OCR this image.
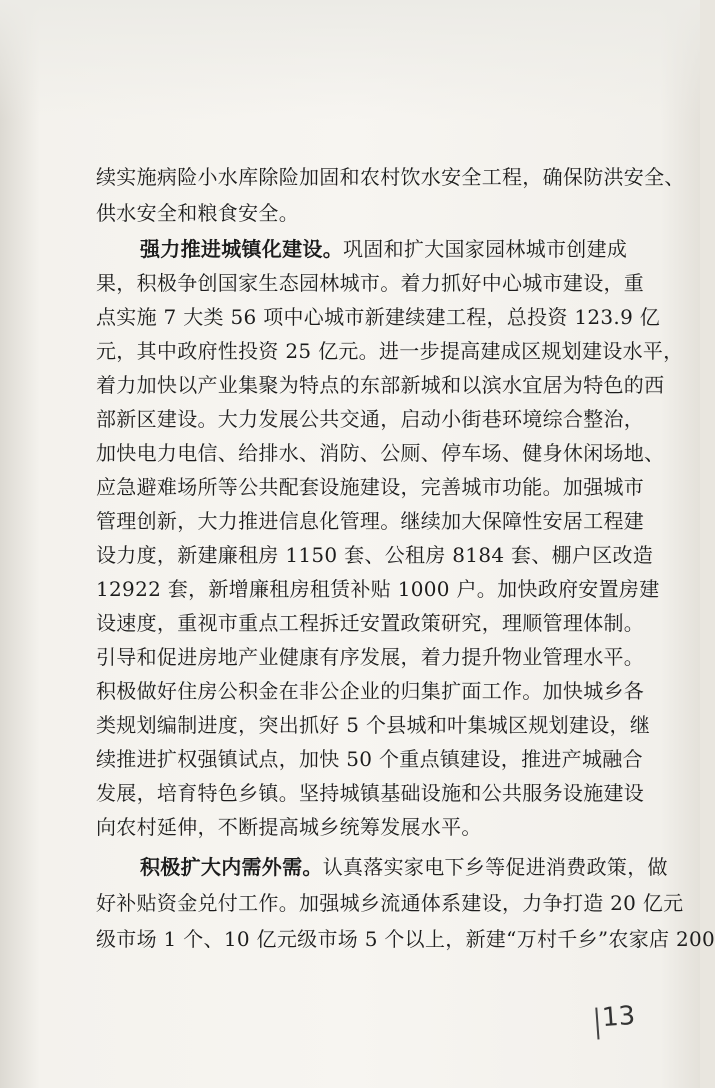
续实施病险小水库除险加固和农村饮水安全工程，确保防洪安全、
供水安全和粮食安全。
强力推进城镇化建设。巩固和扩大国家园林城市创建成
果，积极争创国家生态园林城市。着力抓好中心城市建设，重
点实施 7 大类 56 项中心城市新建续建工程，总投资 123.9 亿
元，其中政府性投资 25 亿元。进一步提高建成区规划建设水平，
着力加快以产业集聚为特点的东部新城和以滨水宜居为特色的西
部新区建设。大力发展公共交通，启动小街巷环境综合整治，
加快电力电信、给排水、消防、公厕、停车场、健身休闲场地、
应急避难场所等公共配套设施建设，完善城市功能。加强城市
管理创新，大力推进信息化管理。继续加大保障性安居工程建
设力度，新建廉租房 1150 套、公租房 8184 套、棚户区改造
12922 套，新增廉租房租赁补贴 1000 户。加快政府安置房建
设速度，重视市重点工程拆迁安置政策研究，理顺管理体制。
引导和促进房地产业健康有序发展，着力提升物业管理水平。
积极做好住房公积金在非公企业的归集扩面工作。加快城乡各
类规划编制进度，突出抓好 5 个县城和叶集城区规划建设，继
续推进扩权强镇试点，加快 50 个重点镇建设，推进产城融合
发展，培育特色乡镇。坚持城镇基础设施和公共服务设施建设
向农村延伸，不断提高城乡统筹发展水平。
积极扩大内需外需。认真落实家电下乡等促进消费政策，做
好补贴资金兑付工作。加强城乡流通体系建设，力争打造 20 亿元
级市场 1 个、10 亿元级市场 5 个以上，新建“万村千乡”农家店 200
13
